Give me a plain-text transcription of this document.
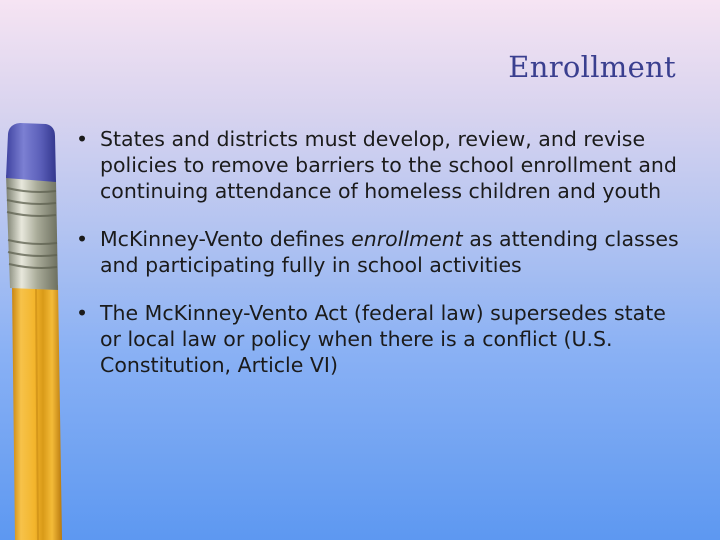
Enrollment
• States and districts must develop, review, and revise policies to remove barriers to the school enrollment and continuing attendance of homeless children and youth
• McKinney-Vento defines enrollment as attending classes and participating fully in school activities
• The McKinney-Vento Act (federal law) supersedes state or local law or policy when there is a conflict (U.S. Constitution, Article VI)
